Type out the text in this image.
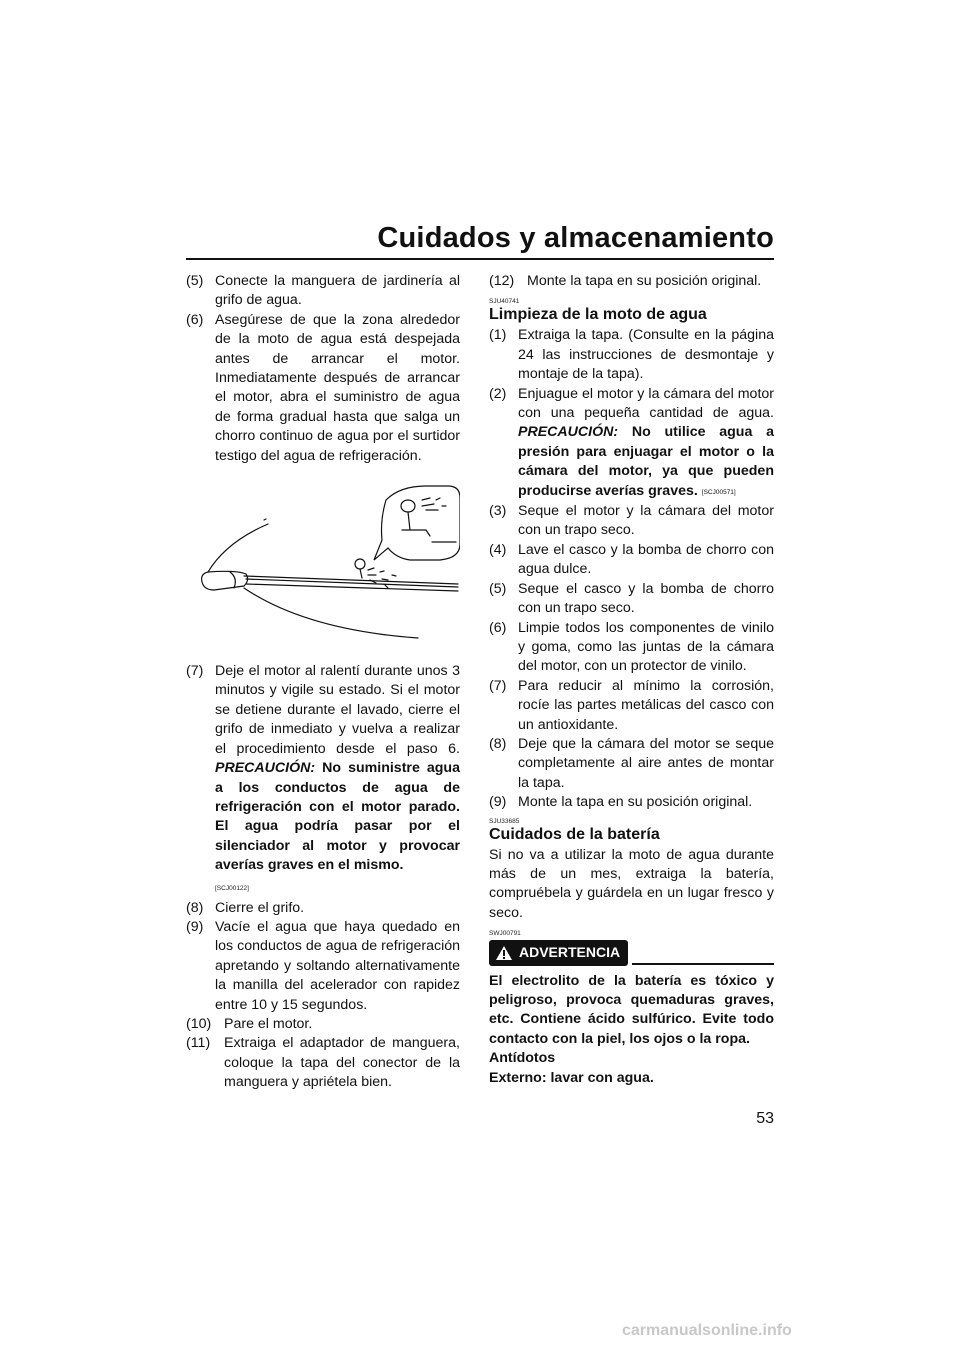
Cuidados y almacenamiento
(5) Conecte la manguera de jardinería al grifo de agua.
(6) Asegúrese de que la zona alrededor de la moto de agua está despejada antes de arrancar el motor. Inmediatamente después de arrancar el motor, abra el suministro de agua de forma gradual hasta que salga un chorro continuo de agua por el surtidor testigo del agua de refrigeración.
(7) Deje el motor al ralentí durante unos 3 minutos y vigile su estado. Si el motor se detiene durante el lavado, cierre el grifo de inmediato y vuelva a realizar el procedimiento desde el paso 6. PRECAUCIÓN: No suministre agua a los conductos de agua de refrigeración con el motor parado. El agua podría pasar por el silenciador al motor y provocar averías graves en el mismo.
[SCJ00122]
(8) Cierre el grifo.
(9) Vacíe el agua que haya quedado en los conductos de agua de refrigeración apretando y soltando alternativamente la manilla del acelerador con rapidez entre 10 y 15 segundos.
(10) Pare el motor.
(11) Extraiga el adaptador de manguera, coloque la tapa del conector de la manguera y apriétela bien.
(12) Monte la tapa en su posición original.
SJU40741
Limpieza de la moto de agua
(1) Extraiga la tapa. (Consulte en la página 24 las instrucciones de desmontaje y montaje de la tapa).
(2) Enjuague el motor y la cámara del motor con una pequeña cantidad de agua. PRECAUCIÓN: No utilice agua a presión para enjuagar el motor o la cámara del motor, ya que pueden producirse averías graves. [SCJ00571]
(3) Seque el motor y la cámara del motor con un trapo seco.
(4) Lave el casco y la bomba de chorro con agua dulce.
(5) Seque el casco y la bomba de chorro con un trapo seco.
(6) Limpie todos los componentes de vinilo y goma, como las juntas de la cámara del motor, con un protector de vinilo.
(7) Para reducir al mínimo la corrosión, rocíe las partes metálicas del casco con un antioxidante.
(8) Deje que la cámara del motor se seque completamente al aire antes de montar la tapa.
(9) Monte la tapa en su posición original.
SJU33685
Cuidados de la batería
Si no va a utilizar la moto de agua durante más de un mes, extraiga la batería, compruébela y guárdela en un lugar fresco y seco.
SWJ00791
ADVERTENCIA
El electrolito de la batería es tóxico y peligroso, provoca quemaduras graves, etc. Contiene ácido sulfúrico. Evite todo contacto con la piel, los ojos o la ropa.
Antídotos
Externo: lavar con agua.
53
carmanualsonline.info
